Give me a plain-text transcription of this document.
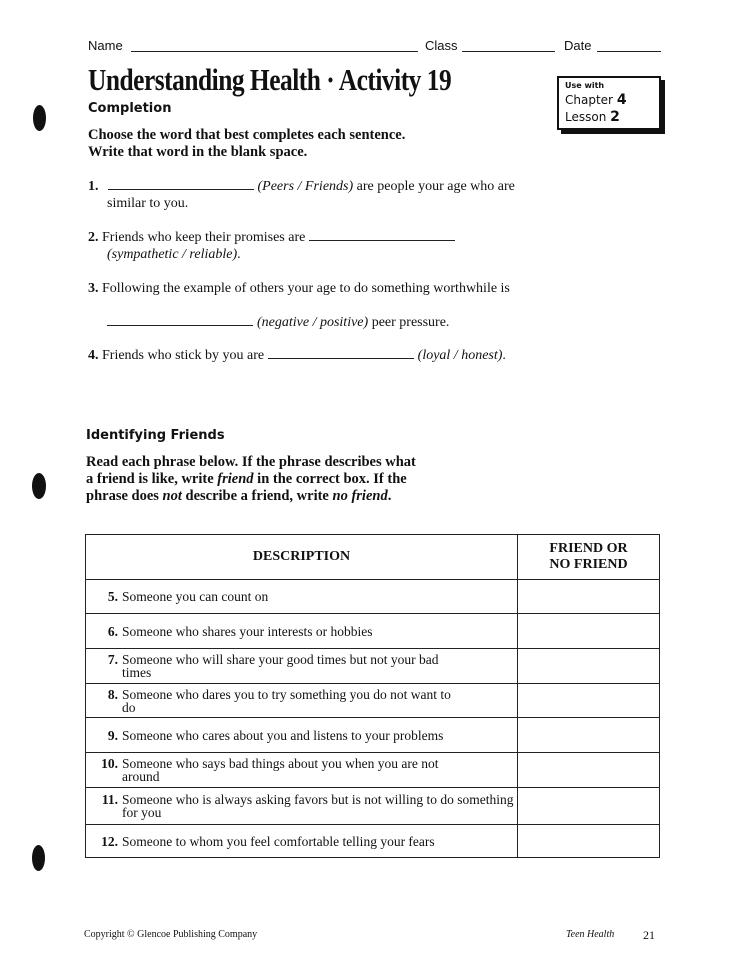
Name	Class	Date
Understanding Health · Activity 19	Use with
Chapter 4
Lesson 2
Completion
Choose the word that best completes each sentence.
Write that word in the blank space.
1.	(Peers / Friends) are people your age who are
similar to you.
2. Friends who keep their promises are
(sympathetic / reliable).
3. Following the example of others your age to do something worthwhile is
(negative / positive) peer pressure.
4. Friends who stick by you are	(loyal / honest).
Identifying Friends
Read each phrase below. If the phrase describes what
a friend is like, write friend in the correct box. If the
phrase does not describe a friend, write no friend.
DESCRIPTION	FRIEND OR
NO FRIEND
5. Someone you can count on	
6. Someone who shares your interests or hobbies	
7. Someone who will share your good times but not your bad times	
8. Someone who dares you to try something you do not want to do	
9. Someone who cares about you and listens to your problems	
10. Someone who says bad things about you when you are not around	
11. Someone who is always asking favors but is not willing to do something for you	
12. Someone to whom you feel comfortable telling your fears	
Copyright © Glencoe Publishing Company	Teen Health 21
